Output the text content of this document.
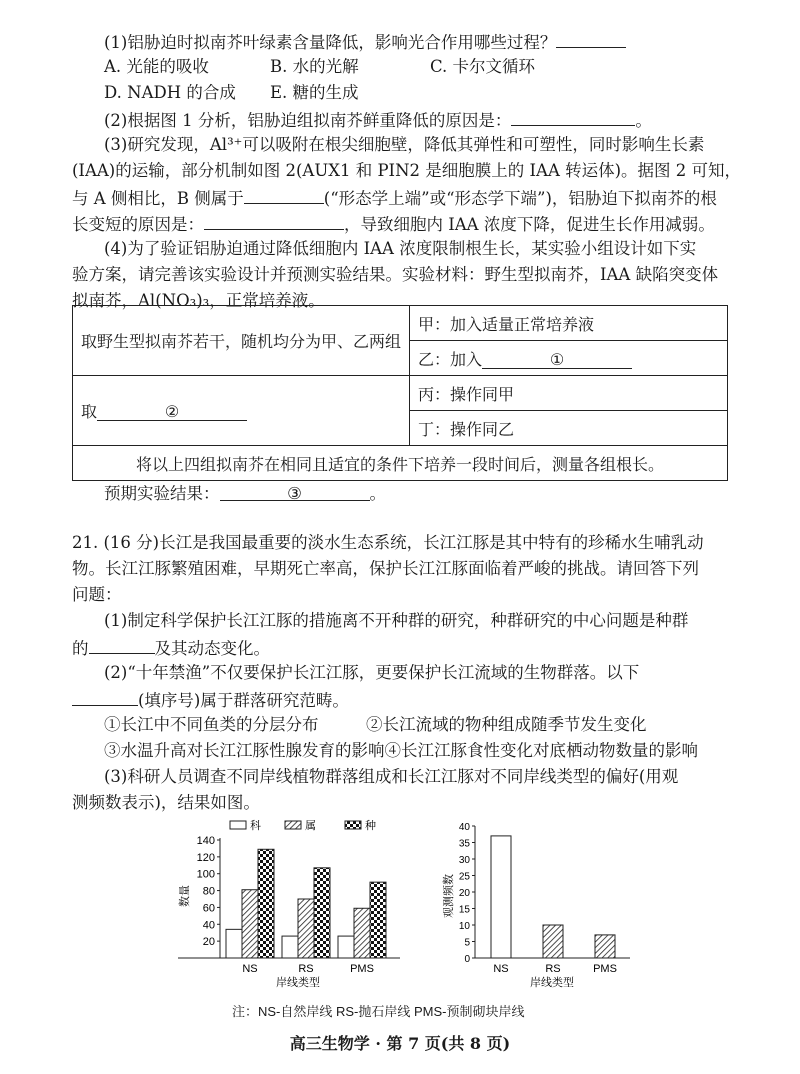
(1)铝胁迫时拟南芥叶绿素含量降低，影响光合作用哪些过程？
A. 光能的吸收	B. 水的光解	C. 卡尔文循环
D. NADH 的合成 E. 糖的生成
(2)根据图 1 分析，铝胁迫组拟南芥鲜重降低的原因是：	。
(3)研究发现，Al³⁺可以吸附在根尖细胞壁，降低其弹性和可塑性，同时影响生长素
(IAA)的运输，部分机制如图 2(AUX1 和 PIN2 是细胞膜上的 IAA 转运体)。据图 2 可知，
与 A 侧相比，B 侧属于	(“形态学上端”或“形态学下端”)，铝胁迫下拟南芥的根
长变短的原因是：	，导致细胞内 IAA 浓度下降，促进生长作用减弱。
(4)为了验证铝胁迫通过降低细胞内 IAA 浓度限制根生长，某实验小组设计如下实
验方案，请完善该实验设计并预测实验结果。实验材料：野生型拟南芥，IAA 缺陷突变体
拟南芥，Al(NO₃)₃，正常培养液。
取野生型拟南芥若干，随机均分为甲、乙两组	甲：加入适量正常培养液
	乙：加入 ①
取 ②	丙：操作同甲
	丁：操作同乙
将以上四组拟南芥在相同且适宜的条件下培养一段时间后，测量各组根长。	
预期实验结果：	③	。
21. (16 分)长江是我国最重要的淡水生态系统，长江江豚是其中特有的珍稀水生哺乳动
物。长江江豚繁殖困难，早期死亡率高，保护长江江豚面临着严峻的挑战。请回答下列
问题：
(1)制定科学保护长江江豚的措施离不开种群的研究，种群研究的中心问题是种群
的	及其动态变化。
(2)“十年禁渔”不仅要保护长江江豚，更要保护长江流域的生物群落。以下
(填序号)属于群落研究范畴。
①长江中不同鱼类的分层分布	②长江流域的物种组成随季节发生变化
③水温升高对长江江豚性腺发育的影响④长江江豚食性变化对底栖动物数量的影响
(3)科研人员调查不同岸线植物群落组成和长江江豚对不同岸线类型的偏好(用观
测频数表示)，结果如图。
20
40
60
80
100
120
140
NS	RS	PMS
岸线类型
数量
科	属	种
0
5
10
15
20
25
30
35
40
NS	RS	PMS
岸线类型
观测频数
注：NS-自然岸线 RS-抛石岸线 PMS-预制砌块岸线
高三生物学 · 第 7 页(共 8 页)
